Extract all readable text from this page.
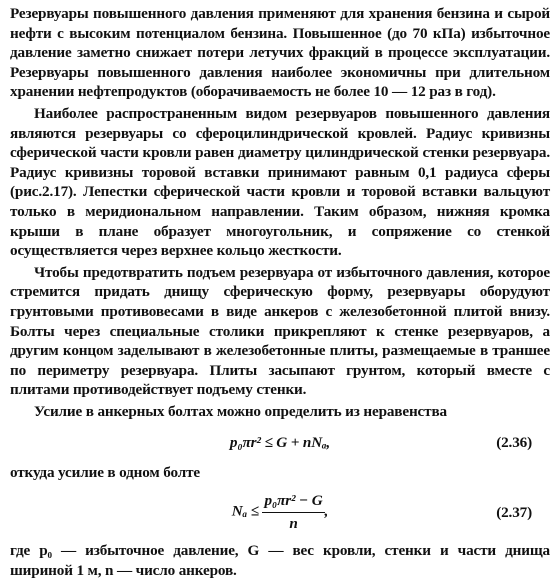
Резервуары повышенного давления применяют для хранения бензина и сырой нефти с высоким потенциалом бензина. Повышенное (до 70 кПа) избыточное давление заметно снижает потери летучих фракций в процессе эксплуатации. Резервуары повышенного давления наиболее экономичны при длительном хранении нефтепродуктов (оборачиваемость не более 10 — 12 раз в год).

Наиболее распространенным видом резервуаров повышенного давления являются резервуары со сфероцилиндрической кровлей. Радиус кривизны сферической части кровли равен диаметру цилиндрической стенки резервуара. Радиус кривизны торовой вставки принимают равным 0,1 радиуса сферы (рис.2.17). Лепестки сферической части кровли и торовой вставки вальцуют только в меридиональном направлении. Таким образом, нижняя кромка крыши в плане образует многоугольник, и сопряжение со стенкой осуществляется через верхнее кольцо жесткости.

Чтобы предотвратить подъем резервуара от избыточного давления, которое стремится придать днищу сферическую форму, резервуары оборудуют грунтовыми противовесами в виде анкеров с железобетонной плитой внизу. Болты через специальные столики прикрепляют к стенке резервуаров, а другим концом заделывают в железобетонные плиты, размещаемые в траншее по периметру резервуара. Плиты засыпают грунтом, который вместе с плитами противодействует подъему стенки.

Усилие в анкерных болтах можно определить из неравенства

p₀πr² ≤ G + nNₐ,	(2.36)

откуда усилие в одном болте

$N_a \le \frac{\text{p₀πr² − G}}{n}$ ,	(2.37)

где p₀ — избыточное давление, G — вес кровли, стенки и части днища шириной 1 м, n — число анкеров.
